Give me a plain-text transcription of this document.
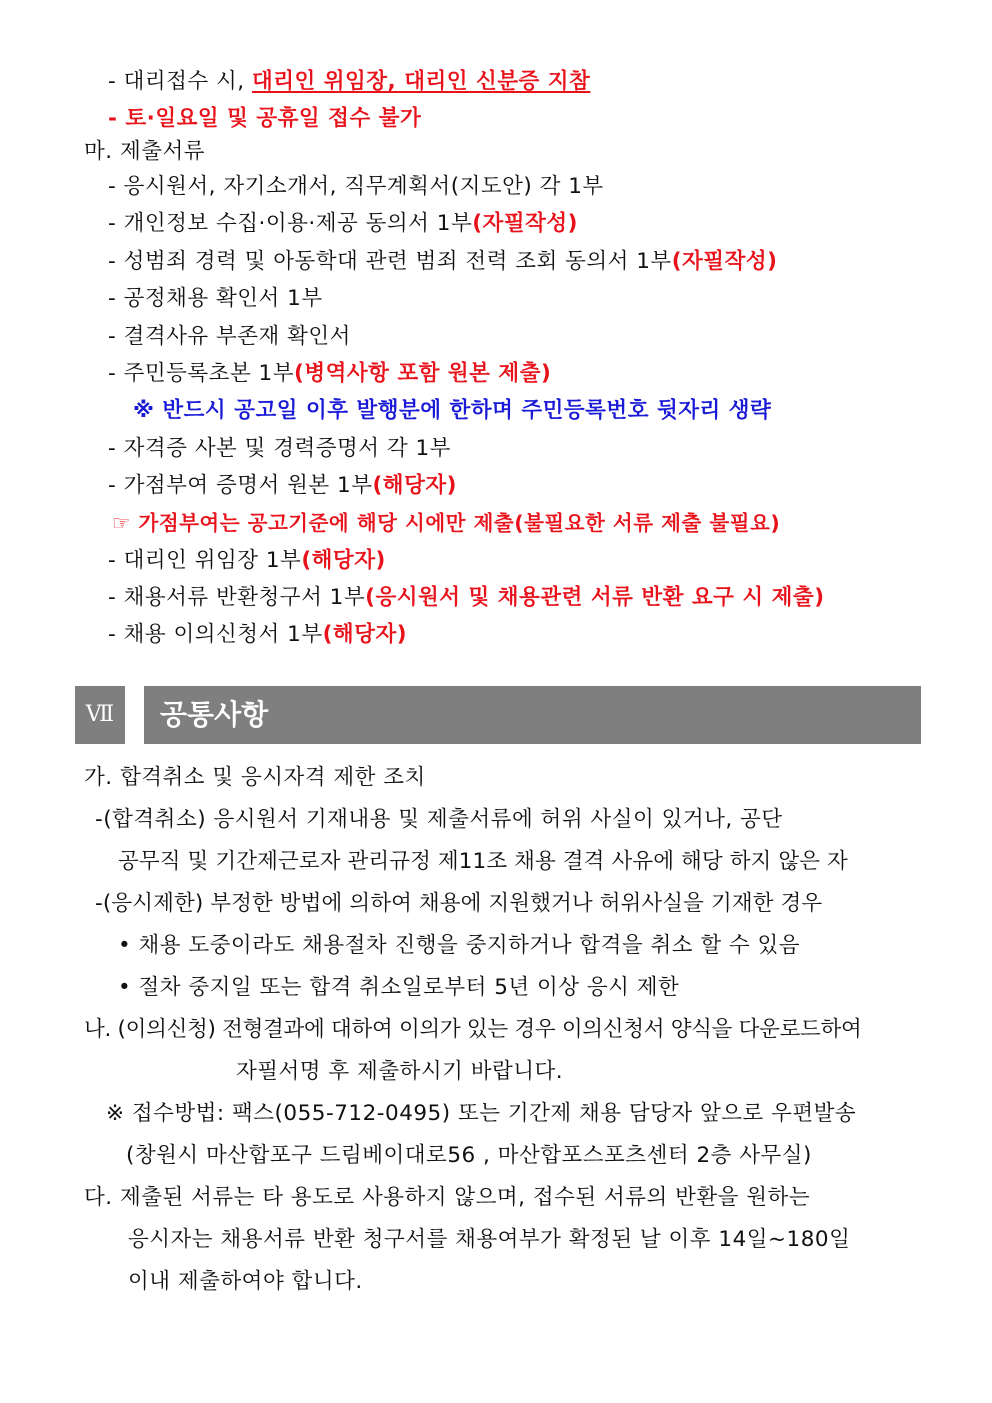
- 대리접수 시, 대리인 위임장, 대리인 신분증 지참
- 토·일요일 및 공휴일 접수 불가
마. 제출서류
- 응시원서, 자기소개서, 직무계획서(지도안) 각 1부
- 개인정보 수집·이용·제공 동의서 1부(자필작성)
- 성범죄 경력 및 아동학대 관련 범죄 전력 조회 동의서 1부(자필작성)
- 공정채용 확인서 1부
- 결격사유 부존재 확인서
- 주민등록초본 1부(병역사항 포함 원본 제출)
※ 반드시 공고일 이후 발행분에 한하며 주민등록번호 뒷자리 생략
- 자격증 사본 및 경력증명서 각 1부
- 가점부여 증명서 원본 1부(해당자)
☞ 가점부여는 공고기준에 해당 시에만 제출(불필요한 서류 제출 불필요)
- 대리인 위임장 1부(해당자)
- 채용서류 반환청구서 1부(응시원서 및 채용관련 서류 반환 요구 시 제출)
- 채용 이의신청서 1부(해당자)
Ⅶ	공통사항
가. 합격취소 및 응시자격 제한 조치
-(합격취소) 응시원서 기재내용 및 제출서류에 허위 사실이 있거나, 공단
공무직 및 기간제근로자 관리규정 제11조 채용 결격 사유에 해당 하지 않은 자
-(응시제한) 부정한 방법에 의하여 채용에 지원했거나 허위사실을 기재한 경우
• 채용 도중이라도 채용절차 진행을 중지하거나 합격을 취소 할 수 있음
• 절차 중지일 또는 합격 취소일로부터 5년 이상 응시 제한
나. (이의신청) 전형결과에 대하여 이의가 있는 경우 이의신청서 양식을 다운로드하여
자필서명 후 제출하시기 바랍니다.
※ 접수방법: 팩스(055-712-0495) 또는 기간제 채용 담당자 앞으로 우편발송
(창원시 마산합포구 드림베이대로56 , 마산합포스포츠센터 2층 사무실)
다. 제출된 서류는 타 용도로 사용하지 않으며, 접수된 서류의 반환을 원하는
응시자는 채용서류 반환 청구서를 채용여부가 확정된 날 이후 14일~180일
이내 제출하여야 합니다.
